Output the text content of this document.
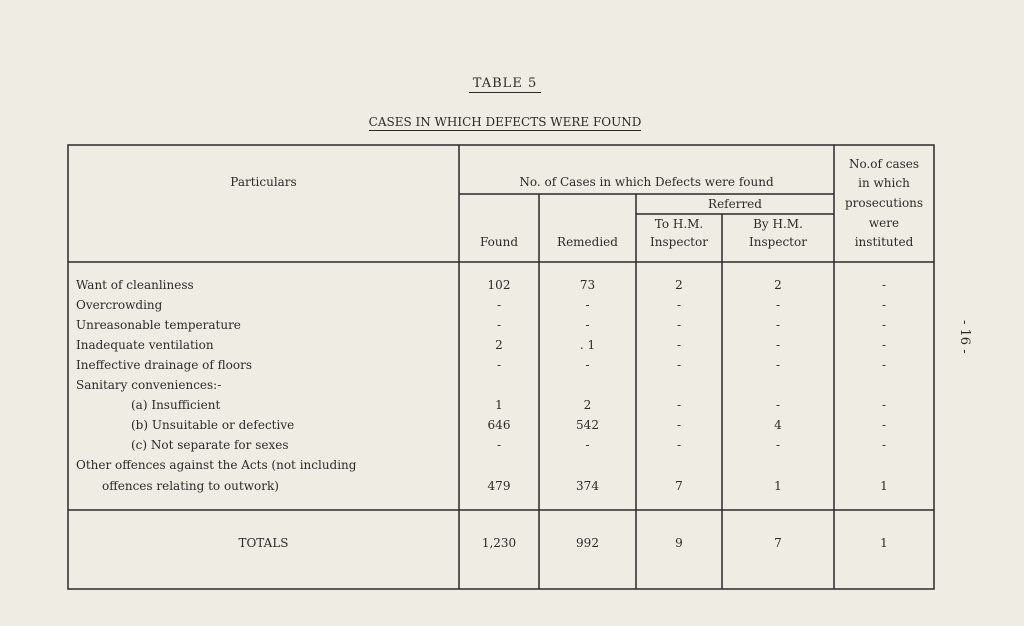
TABLE 5
CASES IN WHICH DEFECTS WERE FOUND
- 16 -
Particulars	No. of Cases in which Defects were found
Referred
Found	Remedied
To H.M.
Inspector
By H.M.
Inspector
No.of cases
in which
prosecutions
were
instituted
Want of cleanliness	102	73	2	2	-
Overcrowding	-	-	-	-	-
Unreasonable temperature	-	-	-	-	-
Inadequate ventilation	2	. 1	-	-	-
Ineffective drainage of floors	-	-	-	-	-
Sanitary conveniences:-
(a) Insufficient	1	2	-	-	-
(b) Unsuitable or defective	646	542	-	4	-
(c) Not separate for sexes	-	-	-	-	-
Other offences against the Acts (not including
offences relating to outwork)	479	374	7	1	1
TOTALS	1,230	992	9	7	1
